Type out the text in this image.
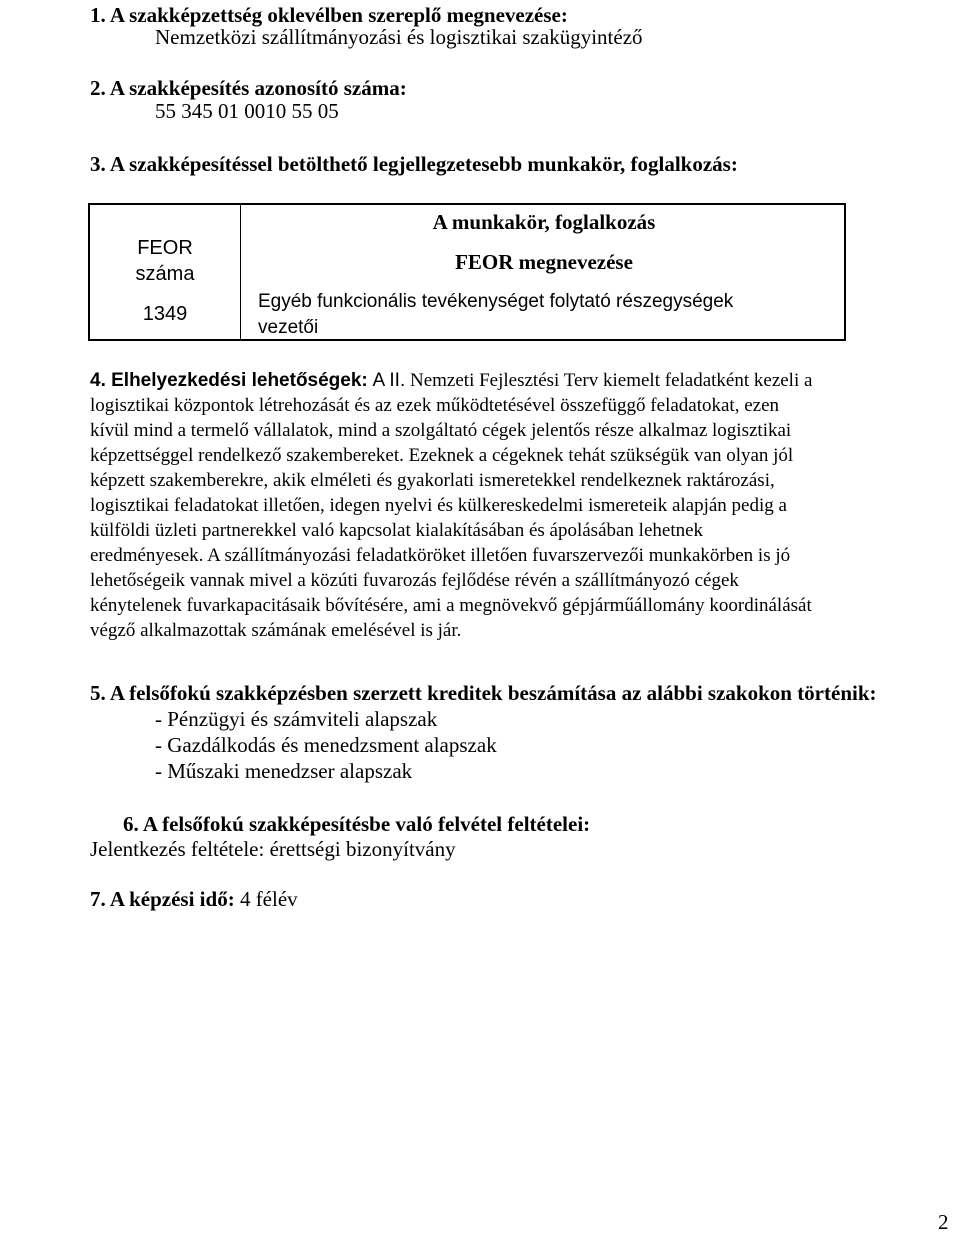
1. A szakképzettség oklevélben szereplő megnevezése:
Nemzetközi szállítmányozási és logisztikai szakügyintéző
2. A szakképesítés azonosító száma:
55 345 01 0010 55 05
3. A szakképesítéssel betölthető legjellegzetesebb munkakör, foglalkozás:
FEOR
száma
1349
A munkakör, foglalkozás
FEOR megnevezése
Egyéb funkcionális tevékenységet folytató részegységek
vezetői
4. Elhelyezkedési lehetőségek: A II. Nemzeti Fejlesztési Terv kiemelt feladatként kezeli a
logisztikai központok létrehozását és az ezek működtetésével összefüggő feladatokat, ezen
kívül mind a termelő vállalatok, mind a szolgáltató cégek jelentős része alkalmaz logisztikai
képzettséggel rendelkező szakembereket. Ezeknek a cégeknek tehát szükségük van olyan jól
képzett szakemberekre, akik elméleti és gyakorlati ismeretekkel rendelkeznek raktározási,
logisztikai feladatokat illetően, idegen nyelvi és külkereskedelmi ismereteik alapján pedig a
külföldi üzleti partnerekkel való kapcsolat kialakításában és ápolásában lehetnek
eredményesek. A szállítmányozási feladatköröket illetően fuvarszervezői munkakörben is jó
lehetőségeik vannak mivel a közúti fuvarozás fejlődése révén a szállítmányozó cégek
kénytelenek fuvarkapacitásaik bővítésére, ami a megnövekvő gépjárműállomány koordinálását
végző alkalmazottak számának emelésével is jár.
5. A felsőfokú szakképzésben szerzett kreditek beszámítása az alábbi szakokon történik:
- Pénzügyi és számviteli alapszak
- Gazdálkodás és menedzsment alapszak
- Műszaki menedzser alapszak
6. A felsőfokú szakképesítésbe való felvétel feltételei:
Jelentkezés feltétele: érettségi bizonyítvány
7. A képzési idő: 4 félév
2
